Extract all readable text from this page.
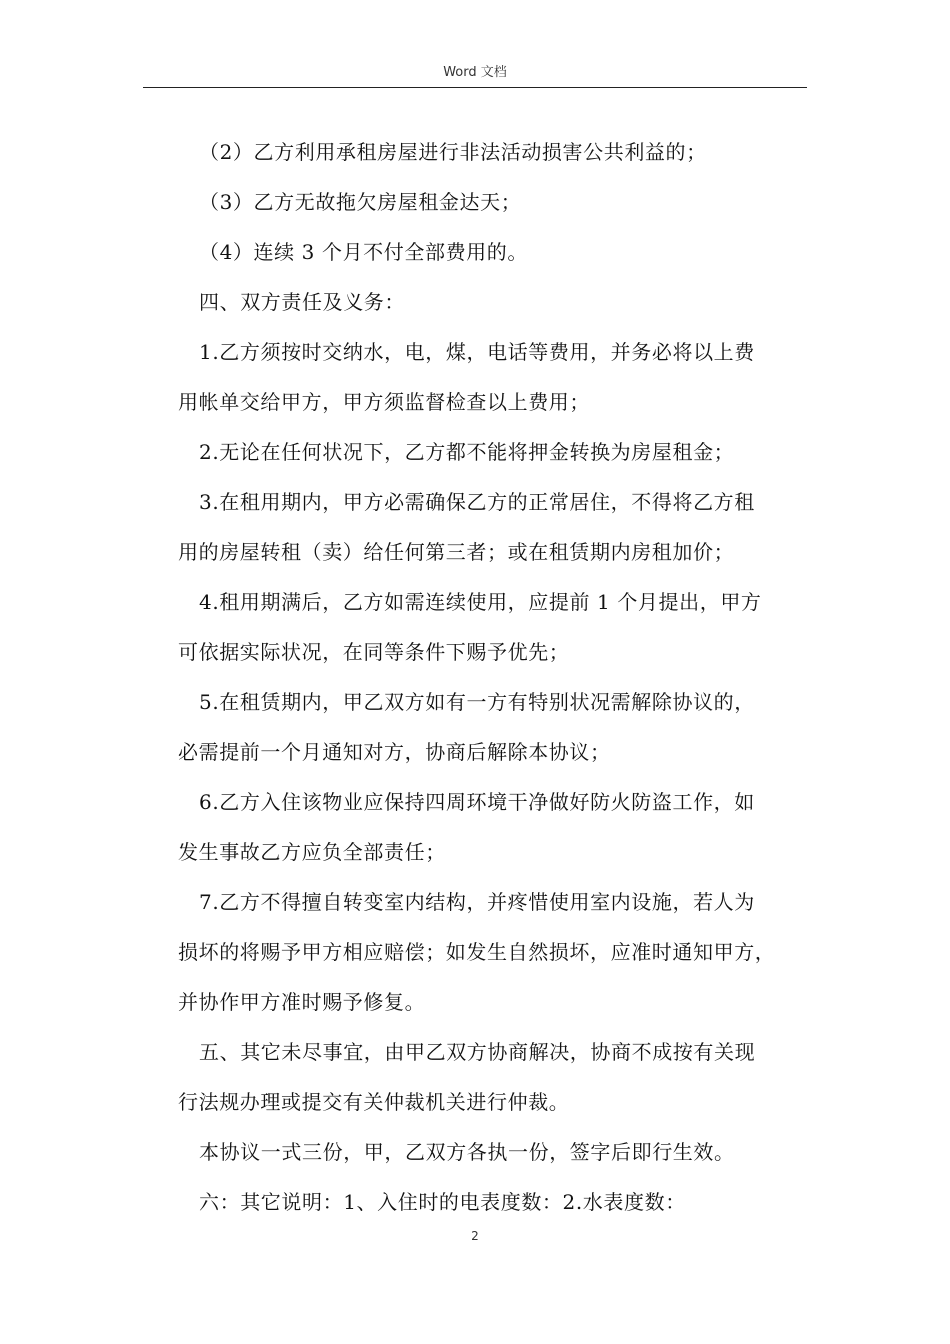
Word 文档
（2）乙方利用承租房屋进行非法活动损害公共利益的；
（3）乙方无故拖欠房屋租金达天；
（4）连续 3 个月不付全部费用的。
四、双方责任及义务：
1.乙方须按时交纳水，电，煤，电话等费用，并务必将以上费
用帐单交给甲方，甲方须监督检查以上费用；
2.无论在任何状况下，乙方都不能将押金转换为房屋租金；
3.在租用期内，甲方必需确保乙方的正常居住，不得将乙方租
用的房屋转租（卖）给任何第三者；或在租赁期内房租加价；
4.租用期满后，乙方如需连续使用，应提前 1 个月提出，甲方
可依据实际状况，在同等条件下赐予优先；
5.在租赁期内，甲乙双方如有一方有特别状况需解除协议的，
必需提前一个月通知对方，协商后解除本协议；
6.乙方入住该物业应保持四周环境干净做好防火防盗工作，如
发生事故乙方应负全部责任；
7.乙方不得擅自转变室内结构，并疼惜使用室内设施，若人为
损坏的将赐予甲方相应赔偿；如发生自然损坏，应准时通知甲方，
并协作甲方准时赐予修复。
五、其它未尽事宜，由甲乙双方协商解决，协商不成按有关现
行法规办理或提交有关仲裁机关进行仲裁。
本协议一式三份，甲，乙双方各执一份，签字后即行生效。
六：其它说明：1、入住时的电表度数：2.水表度数：
2
